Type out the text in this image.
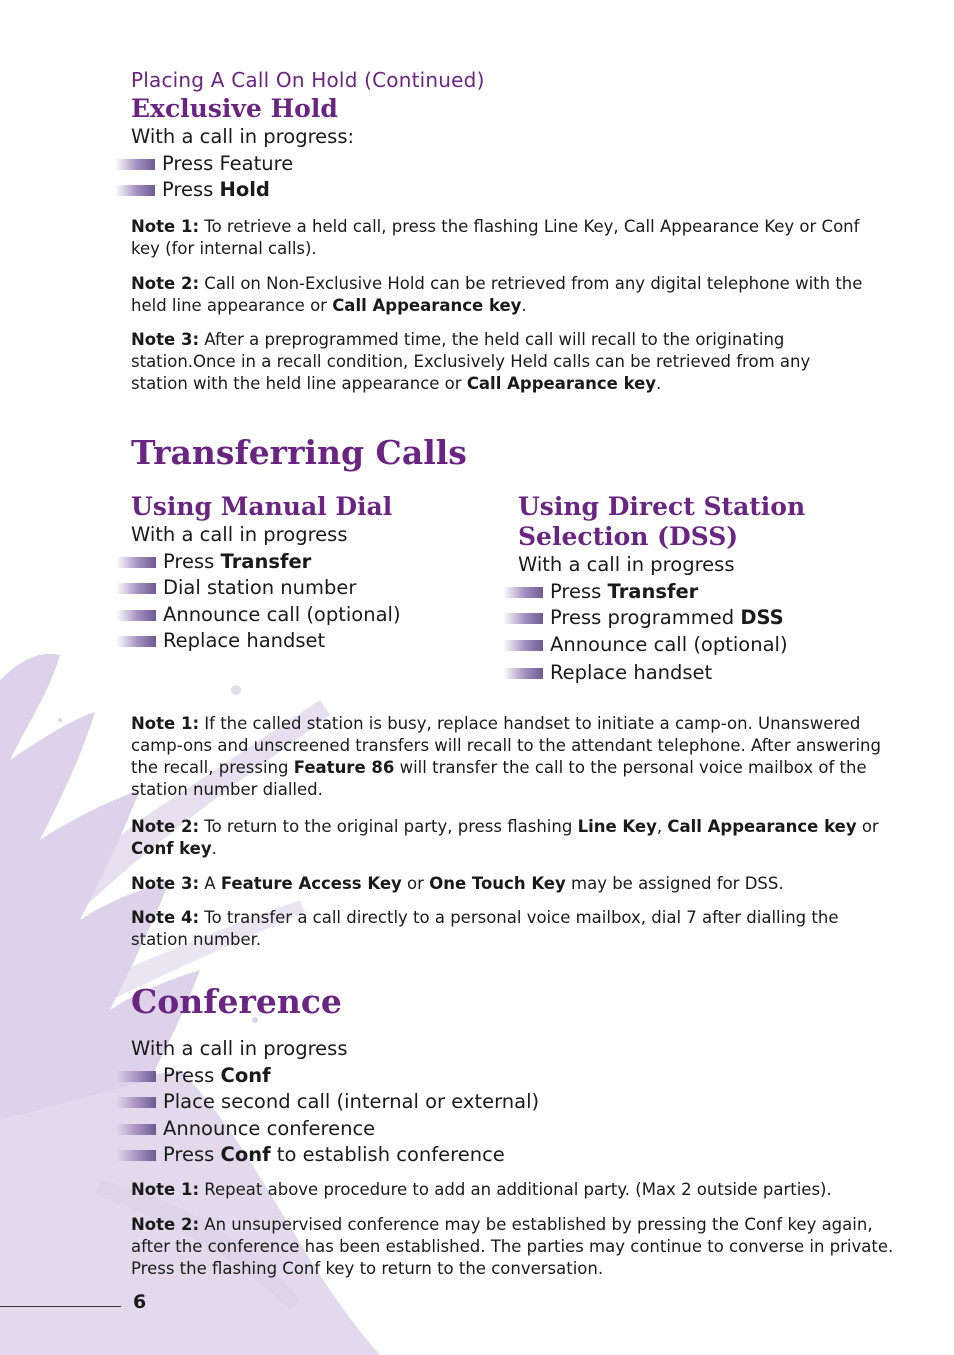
Placing A Call On Hold (Continued)
Exclusive Hold
With a call in progress:
Press Feature
Press Hold
Note 1: To retrieve a held call, press the flashing Line Key, Call Appearance Key or Conf key (for internal calls).
Note 2: Call on Non-Exclusive Hold can be retrieved from any digital telephone with the held line appearance or Call Appearance key.
Note 3: After a preprogrammed time, the held call will recall to the originating station.Once in a recall condition, Exclusively Held calls can be retrieved from any station with the held line appearance or Call Appearance key.
Transferring Calls
Using Manual Dial
With a call in progress
Press Transfer
Dial station number
Announce call (optional)
Replace handset
Using Direct Station
Selection (DSS)
With a call in progress
Press Transfer
Press programmed DSS
Announce call (optional)
Replace handset
Note 1: If the called station is busy, replace handset to initiate a camp-on. Unanswered camp-ons and unscreened transfers will recall to the attendant telephone. After answering the recall, pressing Feature 86 will transfer the call to the personal voice mailbox of the station number dialled.
Note 2: To return to the original party, press flashing Line Key, Call Appearance key or Conf key.
Note 3: A Feature Access Key or One Touch Key may be assigned for DSS.
Note 4: To transfer a call directly to a personal voice mailbox, dial 7 after dialling the station number.
Conference
With a call in progress
Press Conf
Place second call (internal or external)
Announce conference
Press Conf to establish conference
Note 1: Repeat above procedure to add an additional party. (Max 2 outside parties).
Note 2: An unsupervised conference may be established by pressing the Conf key again, after the conference has been established. The parties may continue to converse in private. Press the flashing Conf key to return to the conversation.
6
